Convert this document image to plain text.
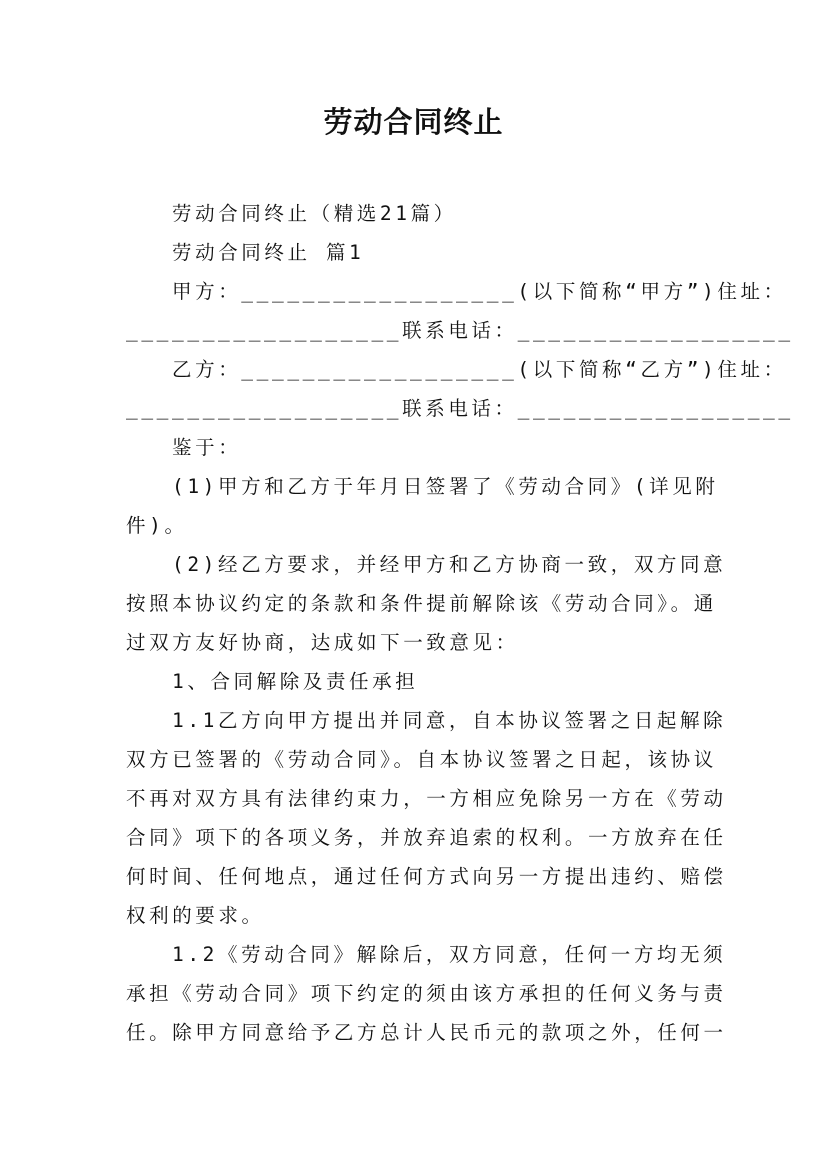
劳动合同终止
劳动合同终止（精选21篇）
劳动合同终止 篇1
甲方：__________________(以下简称“甲方”)住址：
__________________联系电话：__________________
乙方：__________________(以下简称“乙方”)住址：
__________________联系电话：__________________
鉴于：
(1)甲方和乙方于年月日签署了《劳动合同》(详见附
件)。
(2)经乙方要求，并经甲方和乙方协商一致，双方同意
按照本协议约定的条款和条件提前解除该《劳动合同》。通
过双方友好协商，达成如下一致意见：
1、合同解除及责任承担
1.1乙方向甲方提出并同意，自本协议签署之日起解除
双方已签署的《劳动合同》。自本协议签署之日起，该协议
不再对双方具有法律约束力，一方相应免除另一方在《劳动
合同》项下的各项义务，并放弃追索的权利。一方放弃在任
何时间、任何地点，通过任何方式向另一方提出违约、赔偿
权利的要求。
1.2《劳动合同》解除后，双方同意，任何一方均无须
承担《劳动合同》项下约定的须由该方承担的任何义务与责
任。除甲方同意给予乙方总计人民币元的款项之外，任何一
